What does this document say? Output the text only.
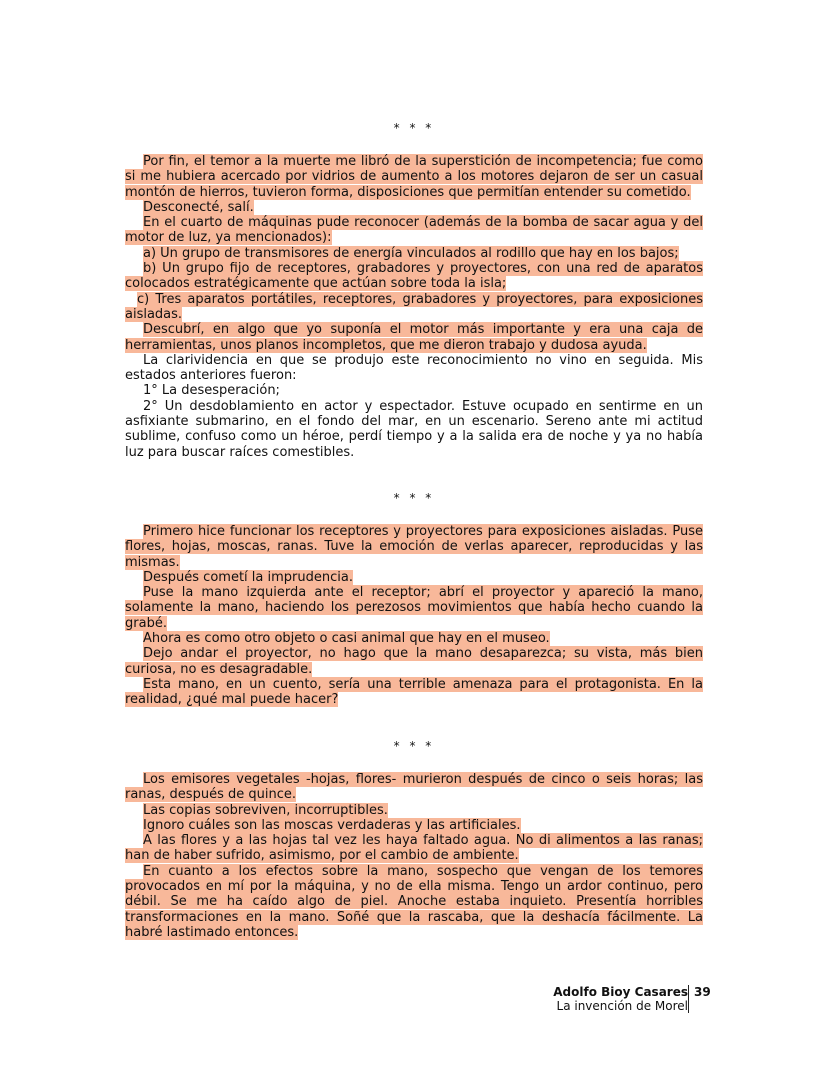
* * *

Por fin, el temor a la muerte me libró de la superstición de incompetencia; fue como si me hubiera acercado por vidrios de aumento a los motores dejaron de ser un casual montón de hierros, tuvieron forma, disposiciones que permitían entender su cometido.

Desconecté, salí.

En el cuarto de máquinas pude reconocer (además de la bomba de sacar agua y del motor de luz, ya mencionados):

a) Un grupo de transmisores de energía vinculados al rodillo que hay en los bajos;

b) Un grupo fijo de receptores, grabadores y proyectores, con una red de aparatos colocados estratégicamente que actúan sobre toda la isla;

c) Tres aparatos portátiles, receptores, grabadores y proyectores, para exposiciones aisladas.

Descubrí, en algo que yo suponía el motor más importante y era una caja de herramientas, unos planos incompletos, que me dieron trabajo y dudosa ayuda.

La clarividencia en que se produjo este reconocimiento no vino en seguida. Mis estados anteriores fueron:

1° La desesperación;

2° Un desdoblamiento en actor y espectador. Estuve ocupado en sentirme en un asfixiante submarino, en el fondo del mar, en un escenario. Sereno ante mi actitud sublime, confuso como un héroe, perdí tiempo y a la salida era de noche y ya no había luz para buscar raíces comestibles.

* * *

Primero hice funcionar los receptores y proyectores para exposiciones aisladas. Puse flores, hojas, moscas, ranas. Tuve la emoción de verlas aparecer, reproducidas y las mismas.

Después cometí la imprudencia.

Puse la mano izquierda ante el receptor; abrí el proyector y apareció la mano, solamente la mano, haciendo los perezosos movimientos que había hecho cuando la grabé.

Ahora es como otro objeto o casi animal que hay en el museo.

Dejo andar el proyector, no hago que la mano desaparezca; su vista, más bien curiosa, no es desagradable.

Esta mano, en un cuento, sería una terrible amenaza para el protagonista. En la realidad, ¿qué mal puede hacer?

* * *

Los emisores vegetales -hojas, flores- murieron después de cinco o seis horas; las ranas, después de quince.

Las copias sobreviven, incorruptibles.

Ignoro cuáles son las moscas verdaderas y las artificiales.

A las flores y a las hojas tal vez les haya faltado agua. No di alimentos a las ranas; han de haber sufrido, asimismo, por el cambio de ambiente.

En cuanto a los efectos sobre la mano, sospecho que vengan de los temores provocados en mí por la máquina, y no de ella misma. Tengo un ardor continuo, pero débil. Se me ha caído algo de piel. Anoche estaba inquieto. Presentía horribles transformaciones en la mano. Soñé que la rascaba, que la deshacía fácilmente. La habré lastimado entonces.

Adolfo Bioy Casares
La invención de Morel
39
